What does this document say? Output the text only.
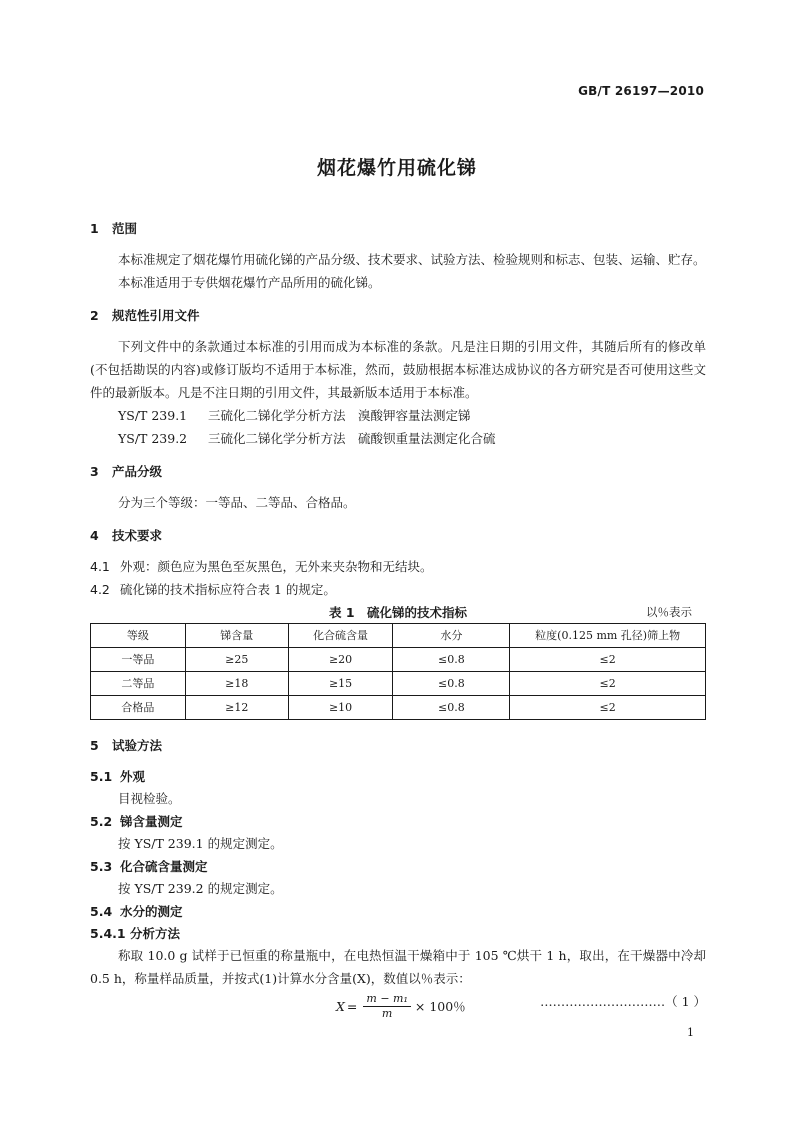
GB/T 26197—2010
烟花爆竹用硫化锑
1 范围

本标准规定了烟花爆竹用硫化锑的产品分级、技术要求、试验方法、检验规则和标志、包装、运输、贮存。

本标准适用于专供烟花爆竹产品所用的硫化锑。

2 规范性引用文件

下列文件中的条款通过本标准的引用而成为本标准的条款。凡是注日期的引用文件，其随后所有的修改单(不包括勘误的内容)或修订版均不适用于本标准，然而，鼓励根据本标准达成协议的各方研究是否可使用这些文件的最新版本。凡是不注日期的引用文件，其最新版本适用于本标准。

YS/T 239.1 三硫化二锑化学分析方法　溴酸钾容量法测定锑

YS/T 239.2 三硫化二锑化学分析方法　硫酸钡重量法测定化合硫

3 产品分级

分为三个等级：一等品、二等品、合格品。

4 技术要求

4.1 外观：颜色应为黑色至灰黑色，无外来夹杂物和无结块。

4.2 硫化锑的技术指标应符合表 1 的规定。

表 1　硫化锑的技术指标	以％表示
等级	锑含量	化合硫含量	水分	粒度(0.125 mm 孔径)筛上物
一等品	≥25	≥20	≤0.8	≤2
二等品	≥18	≥15	≤0.8	≤2
合格品	≥12	≥10	≤0.8	≤2
5 试验方法
5.1 外观

目视检验。

5.2 锑含量测定

按 YS/T 239.1 的规定测定。

5.3 化合硫含量测定

按 YS/T 239.2 的规定测定。

5.4 水分的测定
5.4.1 分析方法

称取 10.0 g 试样于已恒重的称量瓶中，在电热恒温干燥箱中于 105 ℃烘干 1 h，取出，在干燥器中冷却 0.5 h，称量样品质量，并按式(1)计算水分含量(X)，数值以％表示：

$X = \frac{\text{m − m₁}}{m} \times 100$％	…………………………（ 1 ）
1
